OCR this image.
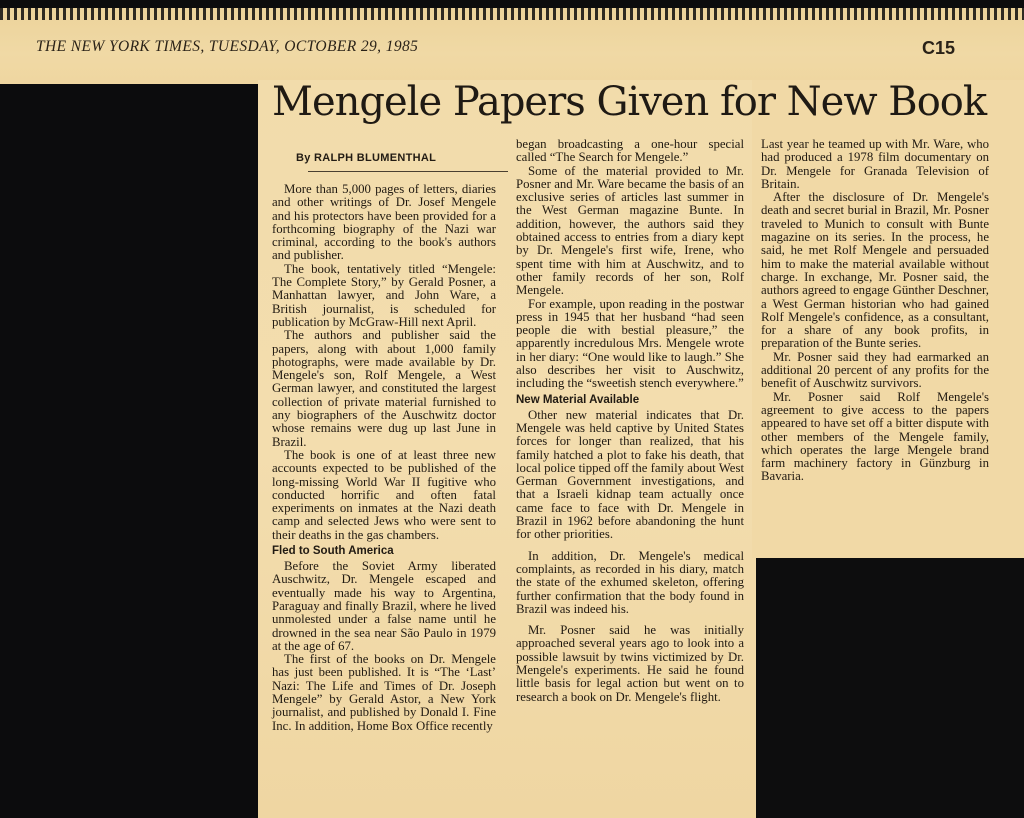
THE NEW YORK TIMES, TUESDAY, OCTOBER 29, 1985	C15
Mengele Papers Given for New Book
By RALPH BLUMENTHAL

More than 5,000 pages of letters, diaries and other writings of Dr. Josef Mengele and his protectors have been provided for a forthcoming biography of the Nazi war criminal, according to the book's authors and publisher.

The book, tentatively titled “Mengele: The Complete Story,” by Gerald Posner, a Manhattan lawyer, and John Ware, a British journalist, is scheduled for publication by McGraw-Hill next April.

The authors and publisher said the papers, along with about 1,000 family photographs, were made available by Dr. Mengele's son, Rolf Mengele, a West German lawyer, and constituted the largest collection of private material furnished to any biographers of the Auschwitz doctor whose remains were dug up last June in Brazil.

The book is one of at least three new accounts expected to be published of the long-missing World War II fugitive who conducted horrific and often fatal experiments on inmates at the Nazi death camp and selected Jews who were sent to their deaths in the gas chambers.

Fled to South America

Before the Soviet Army liberated Auschwitz, Dr. Mengele escaped and eventually made his way to Argentina, Paraguay and finally Brazil, where he lived unmolested under a false name until he drowned in the sea near São Paulo in 1979 at the age of 67.

The first of the books on Dr. Mengele has just been published. It is “The ‘Last’ Nazi: The Life and Times of Dr. Joseph Mengele” by Gerald Astor, a New York journalist, and published by Donald I. Fine Inc. In addition, Home Box Office recently

began broadcasting a one-hour special called “The Search for Mengele.”

Some of the material provided to Mr. Posner and Mr. Ware became the basis of an exclusive series of articles last summer in the West German magazine Bunte. In addition, however, the authors said they obtained access to entries from a diary kept by Dr. Mengele's first wife, Irene, who spent time with him at Auschwitz, and to other family records of her son, Rolf Mengele.

For example, upon reading in the postwar press in 1945 that her husband “had seen people die with bestial pleasure,” the apparently incredulous Mrs. Mengele wrote in her diary: “One would like to laugh.” She also describes her visit to Auschwitz, including the “sweetish stench everywhere.”

New Material Available

Other new material indicates that Dr. Mengele was held captive by United States forces for longer than realized, that his family hatched a plot to fake his death, that local police tipped off the family about West German Government investigations, and that a Israeli kidnap team actually once came face to face with Dr. Mengele in Brazil in 1962 before abandoning the hunt for other priorities.

In addition, Dr. Mengele's medical complaints, as recorded in his diary, match the state of the exhumed skeleton, offering further confirmation that the body found in Brazil was indeed his.

Mr. Posner said he was initially approached several years ago to look into a possible lawsuit by twins victimized by Dr. Mengele's experiments. He said he found little basis for legal action but went on to research a book on Dr. Mengele's flight.

Last year he teamed up with Mr. Ware, who had produced a 1978 film documentary on Dr. Mengele for Granada Television of Britain.

After the disclosure of Dr. Mengele's death and secret burial in Brazil, Mr. Posner traveled to Munich to consult with Bunte magazine on its series. In the process, he said, he met Rolf Mengele and persuaded him to make the material available without charge. In exchange, Mr. Posner said, the authors agreed to engage Günther Deschner, a West German historian who had gained Rolf Mengele's confidence, as a consultant, for a share of any book profits, in preparation of the Bunte series.

Mr. Posner said they had earmarked an additional 20 percent of any profits for the benefit of Auschwitz survivors.

Mr. Posner said Rolf Mengele's agreement to give access to the papers appeared to have set off a bitter dispute with other members of the Mengele family, which operates the large Mengele brand farm machinery factory in Günzburg in Bavaria.
